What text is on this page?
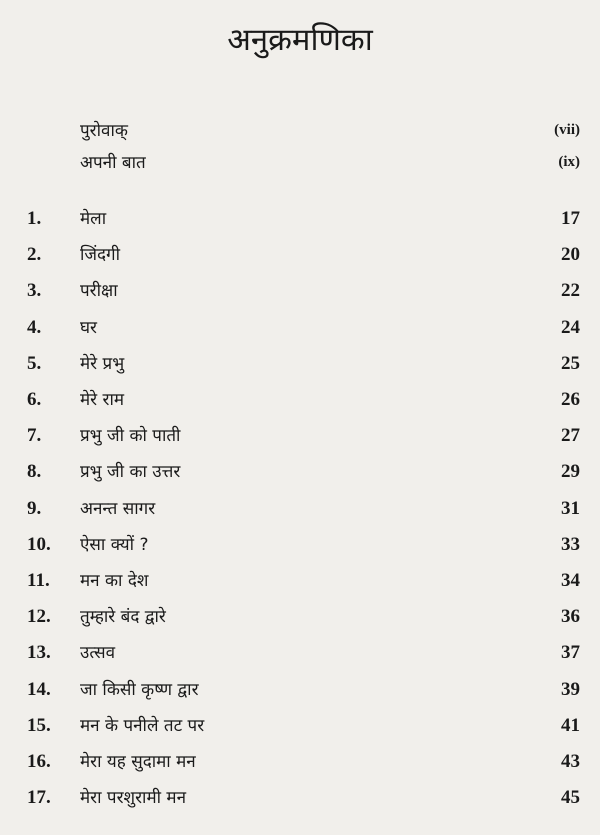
अनुक्रमणिका
पुरोवाक्	(vii)
अपनी बात	(ix)
1. मेला	17
2. जिंदगी	20
3. परीक्षा	22
4. घर	24
5. मेरे प्रभु	25
6. मेरे राम	26
7. प्रभु जी को पाती	27
8. प्रभु जी का उत्तर	29
9. अनन्त सागर	31
10. ऐसा क्यों ?	33
11. मन का देश	34
12. तुम्हारे बंद द्वारे	36
13. उत्सव	37
14. जा किसी कृष्ण द्वार	39
15. मन के पनीले तट पर	41
16. मेरा यह सुदामा मन	43
17. मेरा परशुरामी मन	45
